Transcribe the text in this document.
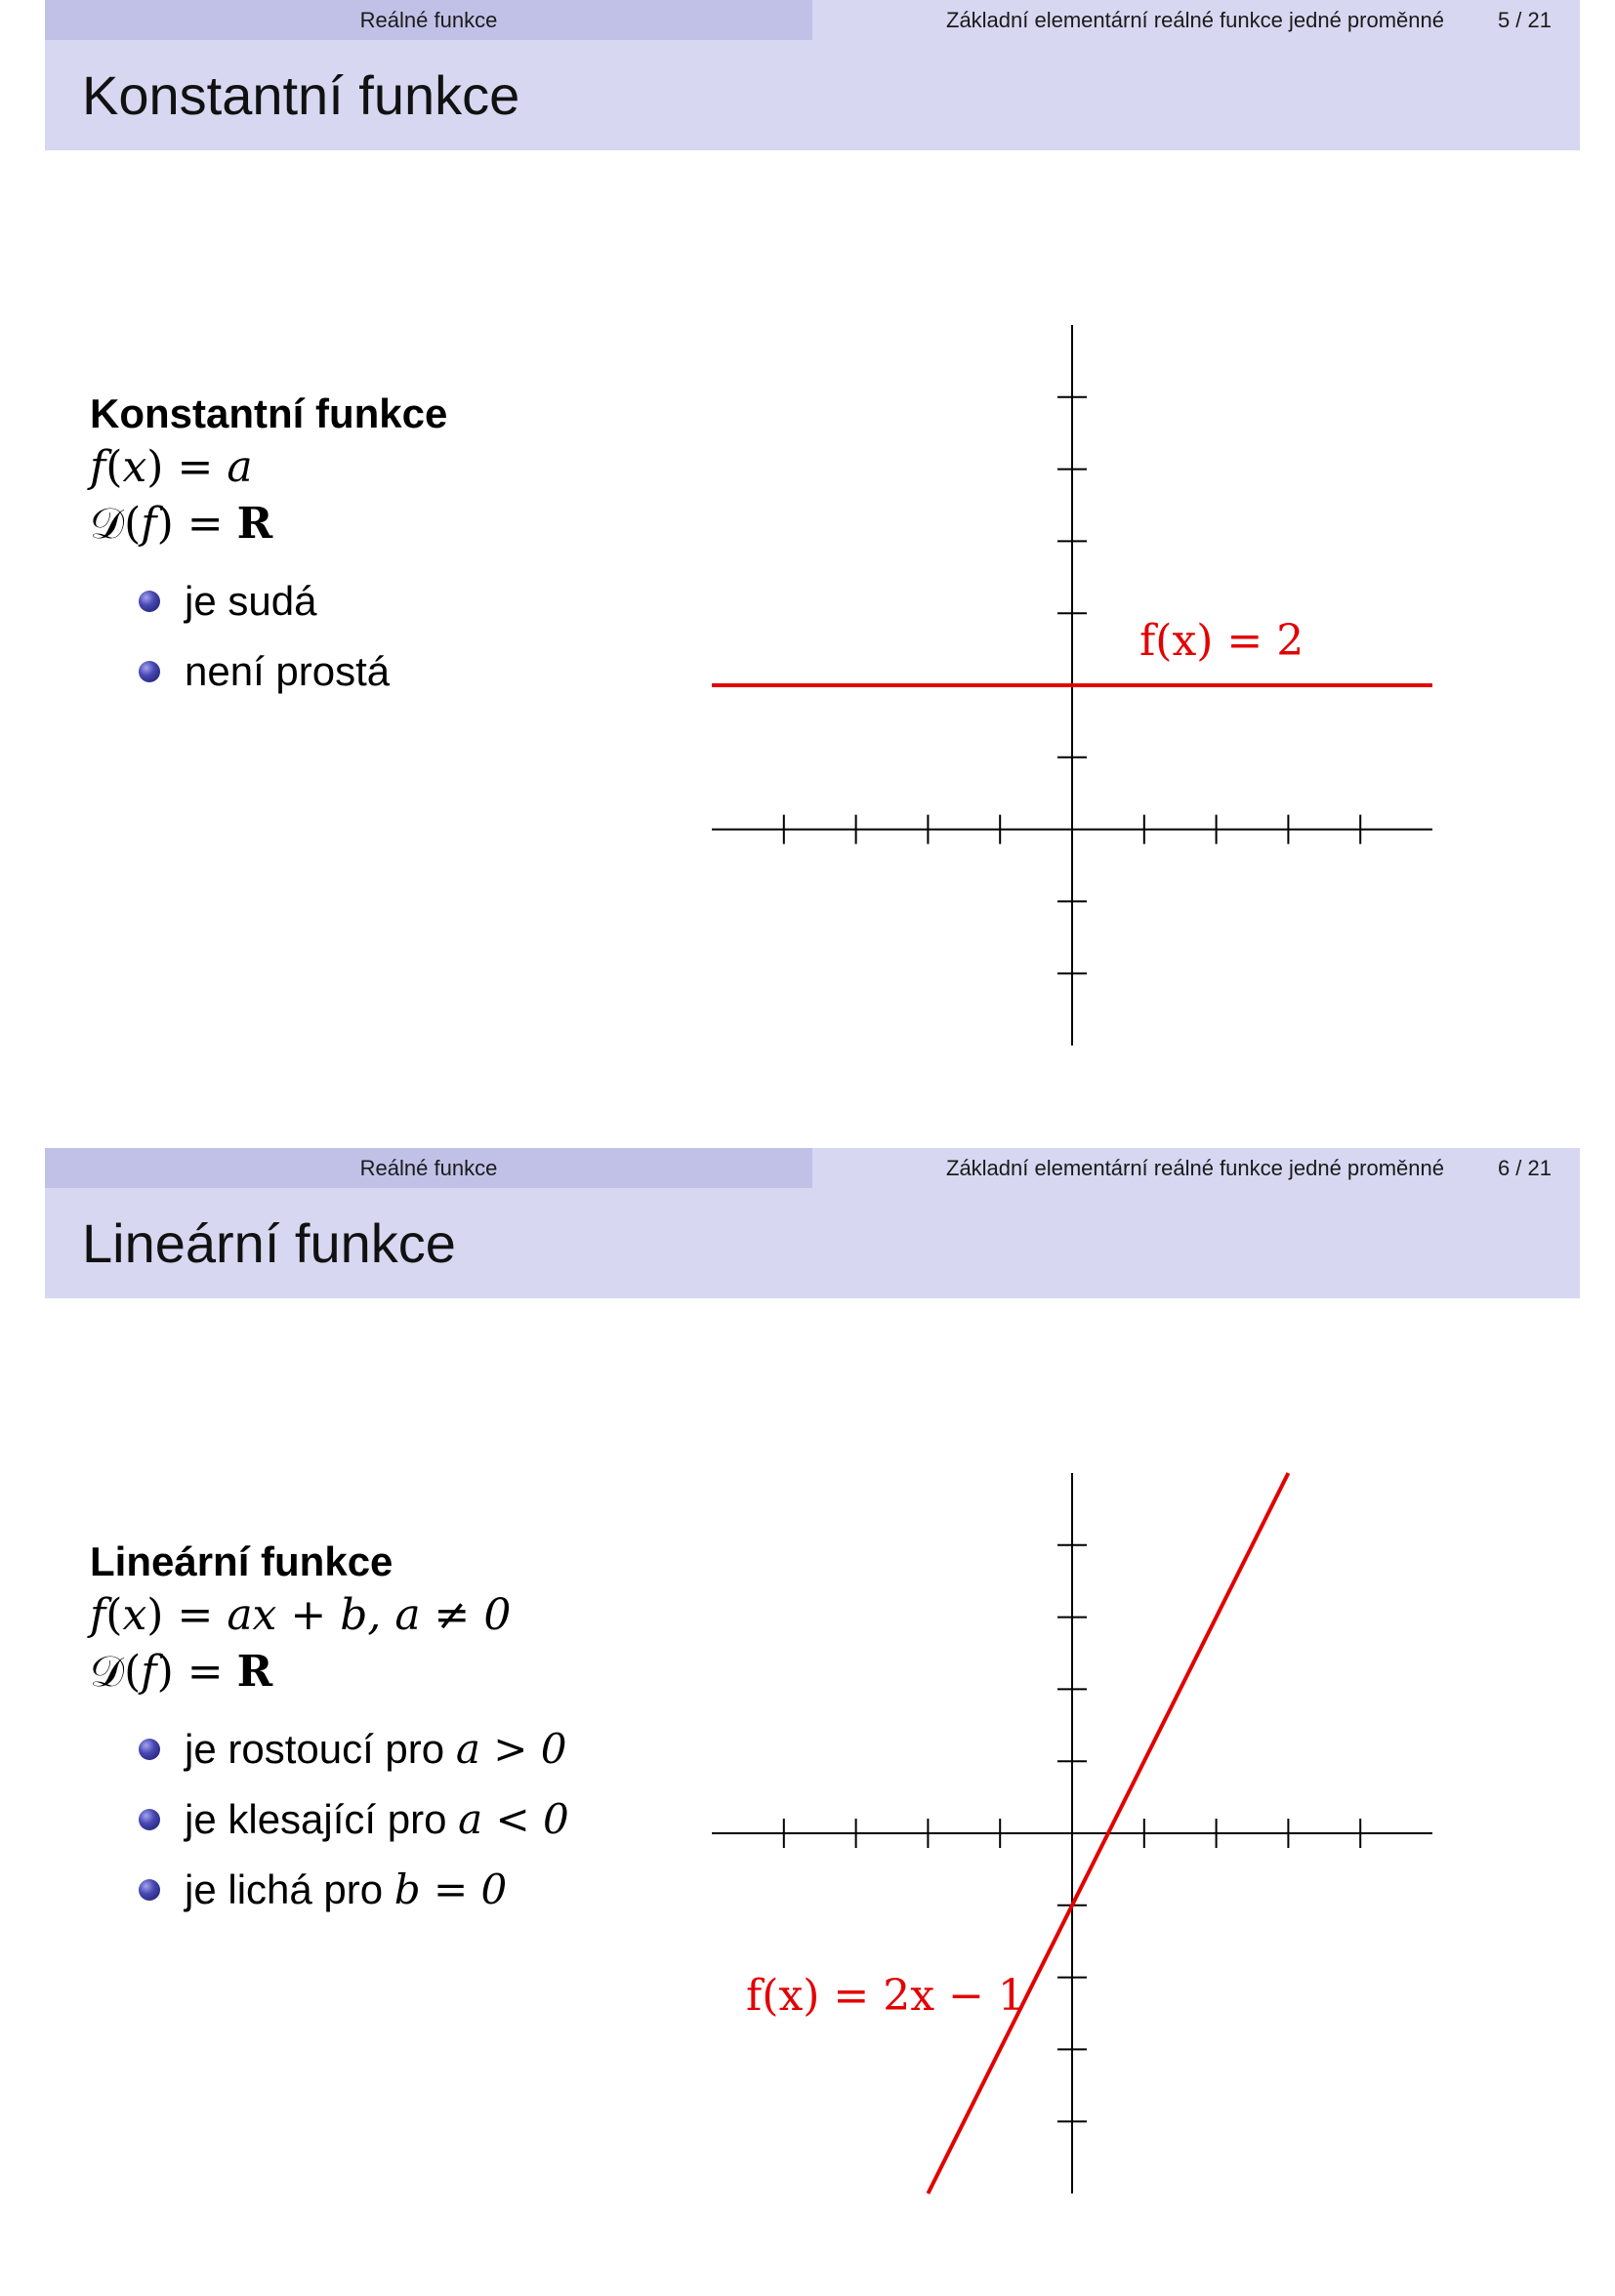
Reálné funkce	Základní elementární reálné funkce jedné proměnné 5 / 21
Konstantní funkce
Konstantní funkce
f(x) = a
𝒟(f) = R
je sudá
není prostá
f(x) = 2
Reálné funkce	Základní elementární reálné funkce jedné proměnné 6 / 21
Lineární funkce
Lineární funkce
f(x) = ax + b, a ≠ 0
𝒟(f) = R
je rostoucí pro a > 0
je klesající pro a < 0
je lichá pro b = 0
f(x) = 2x − 1
